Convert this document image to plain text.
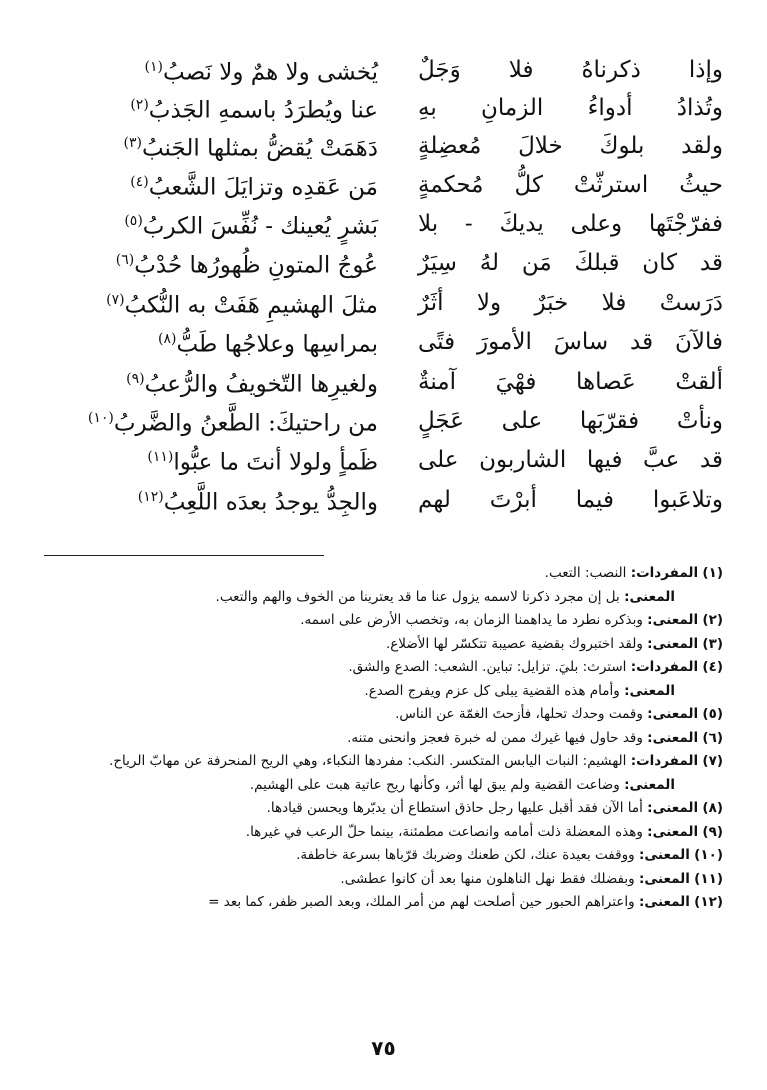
وإذا ذكرناهُ فلا وَجَلٌ
يُخشى ولا همٌ ولا نَصبُ$^{(١)}$
وتُذادُ أدواءُ الزمانِ بهِ
عنا ويُطرَدُ باسمهِ الجَذبُ$^{(٢)}$
ولقد بلوكَ خلالَ مُعضِلةٍ
دَهَمَتْ يُقضُّ بمثلها الجَنبُ$^{(٣)}$
حيثُ استرثّتْ كلُّ مُحكمةٍ
مَن عَقدِه وتزايَلَ الشَّعبُ$^{(٤)}$
ففرّجْتَها وعلى يديكَ - بلا
بَشرٍ يُعينك - نُفِّسَ الكربُ$^{(٥)}$
قد كان قبلكَ مَن لهُ سِيَرٌ
عُوجُ المتونِ ظُهورُها حُدْبُ$^{(٦)}$
دَرَستْ فلا خبَرٌ ولا أثَرٌ
مثلَ الهشيمِ هَفَتْ به النُّكبُ$^{(٧)}$
فالآنَ قد ساسَ الأمورَ فتًى
بمراسِها وعلاجُها طَبُّ$^{(٨)}$
ألقتْ عَصاها فهْيَ آمنةٌ
ولغيرِها التّخويفُ والرُّعبُ$^{(٩)}$
ونأتْ فقرّبَها على عَجَلٍ
من راحتيكَ: الطَّعنُ والضَّربُ$^{(١٠)}$
قد عبَّ فيها الشاربون على
ظَمأٍ ولولا أنتَ ما عبُّوا$^{(١١)}$
وتلاعَبوا فيما أبرْتَ لهم
والجِدُّ يوجدُ بعدَه اللَّعِبُ$^{(١٢)}$
(١) المفردات: النصب: التعب.
المعنى: بل إن مجرد ذكرنا لاسمه يزول عنا ما قد يعترينا من الخوف والهم والتعب.
(٢) المعنى: وبذكره نطرد ما يداهمنا الزمان به، وتخصب الأرض على اسمه.
(٣) المعنى: ولقد اختبروك بقضية عصيبة تتكسّر لها الأضلاع.
(٤) المفردات: استرث: بليَ. تزايل: تباين. الشعب: الصدع والشق.
المعنى: وأمام هذه القضية يبلى كل عزم ويفرج الصدع.
(٥) المعنى: وقمت وحدك تحلها، فأزحتَ الغمّة عن الناس.
(٦) المعنى: وقد حاول فيها غيرك ممن له خبرة فعجز وانحنى متنه.
(٧) المفردات: الهشيم: النبات اليابس المتكسر. النكب: مفردها النكباء، وهي الريح المنحرفة عن مهابّ الرياح.
المعنى: وضاعت القضية ولم يبق لها أثر، وكأنها ريح عاتية هبت على الهشيم.
(٨) المعنى: أما الآن فقد أقبل عليها رجل حاذق استطاع أن يدبّرها ويحسن قيادها.
(٩) المعنى: وهذه المعضلة ذلت أمامه وانصاعت مطمئنة، بينما حلّ الرعب في غيرها.
(١٠) المعنى: ووقفت بعيدة عنك، لكن طعنك وضربك قرّباها بسرعة خاطفة.
(١١) المعنى: وبفضلك فقط نهل الناهلون منها بعد أن كانوا عطشى.
(١٢) المعنى: واعتراهم الحبور حين أصلحت لهم من أمر الملك، وبعد الصبر ظفر، كما بعد =
٧٥
